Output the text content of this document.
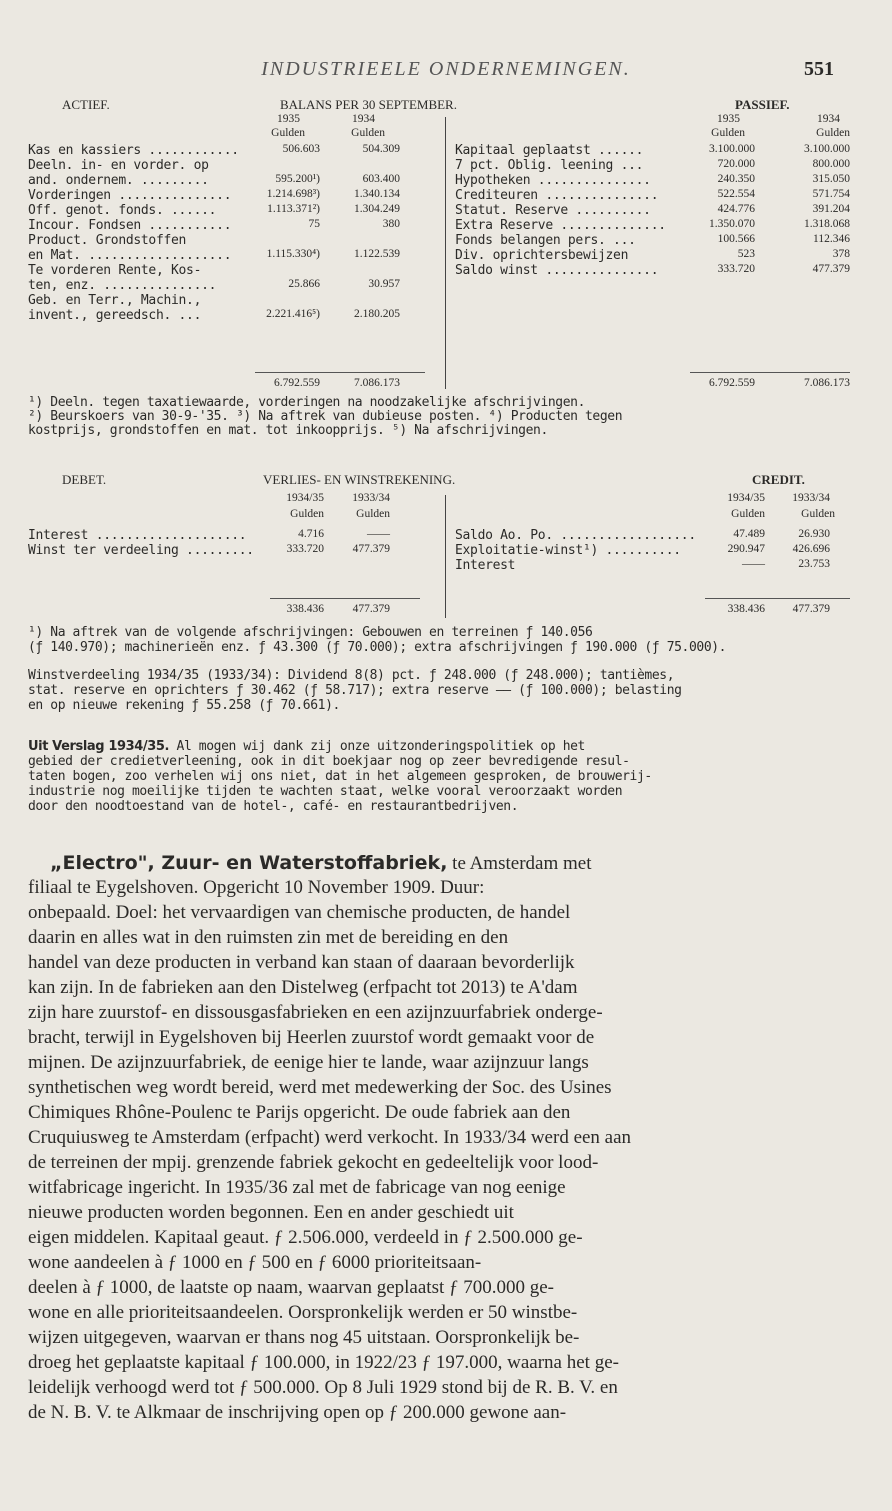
INDUSTRIEELE ONDERNEMINGEN.	551
ACTIEF.	BALANS PER 30 SEPTEMBER.	PASSIEF.
1935	1934
Gulden	Gulden
1935	1934
Gulden	Gulden
Kas en kassiers ............	506.603	504.309
Deeln. in- en vorder. op
and. ondernem. .........	595.200¹)	603.400
Vorderingen ...............	1.214.698³)	1.340.134
Off. genot. fonds. ......	1.113.371²)	1.304.249
Incour. Fondsen ...........	75	380
Product. Grondstoffen
en Mat. ...................	1.115.330⁴)	1.122.539
Te vorderen Rente, Kos-
ten, enz. ...............	25.866	30.957
Geb. en Terr., Machin.,
invent., gereedsch. ...	2.221.416⁵)	2.180.205
6.792.559	7.086.173
Kapitaal geplaatst ......	3.100.000	3.100.000
7 pct. Oblig. leening ...	720.000	800.000
Hypotheken ...............	240.350	315.050
Crediteuren ...............	522.554	571.754
Statut. Reserve ..........	424.776	391.204
Extra Reserve ..............	1.350.070	1.318.068
Fonds belangen pers. ...	100.566	112.346
Div. oprichtersbewijzen	523	378
Saldo winst ...............	333.720	477.379
6.792.559	7.086.173
¹) Deeln. tegen taxatiewaarde, vorderingen na noodzakelijke afschrijvingen.
²) Beurskoers van 30-9-'35. ³) Na aftrek van dubieuse posten. ⁴) Producten tegen
kostprijs, grondstoffen en mat. tot inkoopprijs. ⁵) Na afschrijvingen.
DEBET.	VERLIES- EN WINSTREKENING.	CREDIT.
1934/35	1933/34
Gulden	Gulden
1934/35	1933/34
Gulden	Gulden
Interest ....................	4.716	——
Winst ter verdeeling .........	333.720	477.379
Saldo Ao. Po. ..................	47.489	26.930
Exploitatie-winst¹) ..........	290.947	426.696
Interest	——	23.753
338.436	477.379	338.436	477.379
¹) Na aftrek van de volgende afschrijvingen: Gebouwen en terreinen ƒ 140.056
(ƒ 140.970); machinerieën enz. ƒ 43.300 (ƒ 70.000); extra afschrijvingen ƒ 190.000 (ƒ 75.000).
Winstverdeeling 1934/35 (1933/34): Dividend 8(8) pct. ƒ 248.000 (ƒ 248.000); tantièmes,
stat. reserve en oprichters ƒ 30.462 (ƒ 58.717); extra reserve —— (ƒ 100.000); belasting
en op nieuwe rekening ƒ 55.258 (ƒ 70.661).
Uit Verslag 1934/35. Al mogen wij dank zij onze uitzonderingspolitiek op het
gebied der credietverleening, ook in dit boekjaar nog op zeer bevredigende resul-
taten bogen, zoo verhelen wij ons niet, dat in het algemeen gesproken, de brouwerij-
industrie nog moeilijke tijden te wachten staat, welke vooral veroorzaakt worden
door den noodtoestand van de hotel-, café- en restaurantbedrijven.
„Electro", Zuur- en Waterstoffabriek, te Amsterdam met
filiaal te Eygelshoven. Opgericht 10 November 1909. Duur:
onbepaald. Doel: het vervaardigen van chemische producten, de handel
daarin en alles wat in den ruimsten zin met de bereiding en den
handel van deze producten in verband kan staan of daaraan bevorderlijk
kan zijn. In de fabrieken aan den Distelweg (erfpacht tot 2013) te A'dam
zijn hare zuurstof- en dissousgasfabrieken en een azijnzuurfabriek onderge-
bracht, terwijl in Eygelshoven bij Heerlen zuurstof wordt gemaakt voor de
mijnen. De azijnzuurfabriek, de eenige hier te lande, waar azijnzuur langs
synthetischen weg wordt bereid, werd met medewerking der Soc. des Usines
Chimiques Rhône-Poulenc te Parijs opgericht. De oude fabriek aan den
Cruquiusweg te Amsterdam (erfpacht) werd verkocht. In 1933/34 werd een aan
de terreinen der mpij. grenzende fabriek gekocht en gedeeltelijk voor lood-
witfabricage ingericht. In 1935/36 zal met de fabricage van nog eenige
nieuwe producten worden begonnen. Een en ander geschiedt uit
eigen middelen. Kapitaal geaut. ƒ 2.506.000, verdeeld in ƒ 2.500.000 ge-
wone aandeelen à ƒ 1000 en ƒ 500 en ƒ 6000 prioriteitsaan-
deelen à ƒ 1000, de laatste op naam, waarvan geplaatst ƒ 700.000 ge-
wone en alle prioriteitsaandeelen. Oorspronkelijk werden er 50 winstbe-
wijzen uitgegeven, waarvan er thans nog 45 uitstaan. Oorspronkelijk be-
droeg het geplaatste kapitaal ƒ 100.000, in 1922/23 ƒ 197.000, waarna het ge-
leidelijk verhoogd werd tot ƒ 500.000. Op 8 Juli 1929 stond bij de R. B. V. en
de N. B. V. te Alkmaar de inschrijving open op ƒ 200.000 gewone aan-
